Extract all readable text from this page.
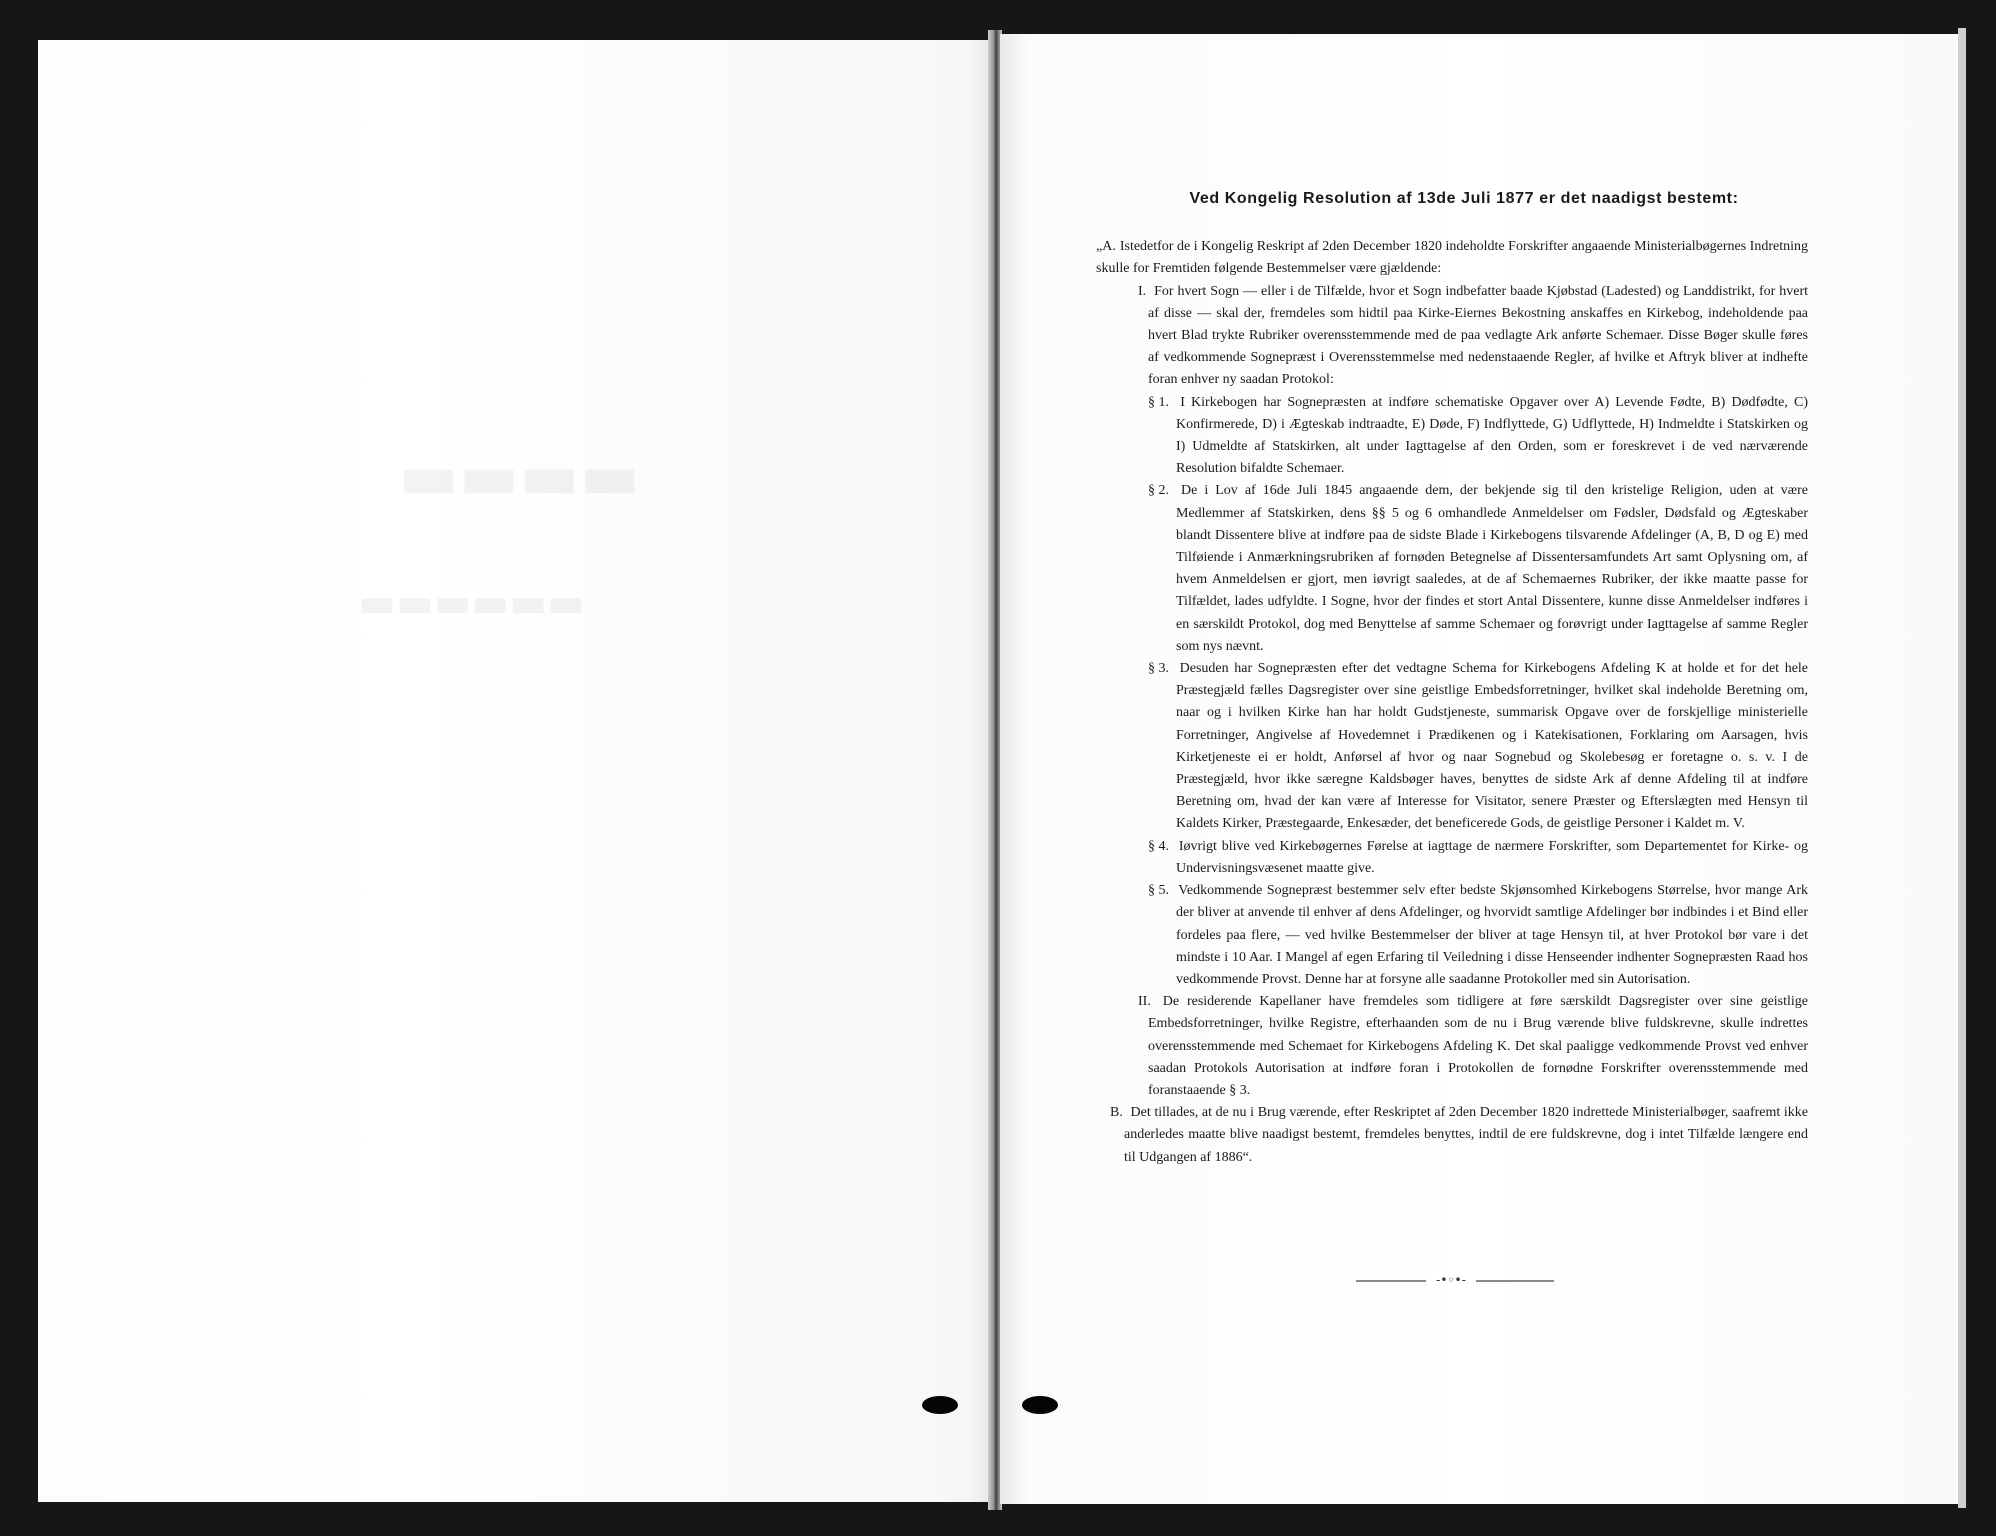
Ved Kongelig Resolution af 13de Juli 1877 er det naadigst bestemt:

„A. Istedetfor de i Kongelig Reskript af 2den December 1820 indeholdte Forskrifter angaaende Ministerialbøgernes Indretning skulle for Fremtiden følgende Bestemmelser være gjældende:

I. For hvert Sogn — eller i de Tilfælde, hvor et Sogn indbefatter baade Kjøbstad (Ladested) og Landdistrikt, for hvert af disse — skal der, fremdeles som hidtil paa Kirke-Eiernes Bekostning anskaffes en Kirkebog, indeholdende paa hvert Blad trykte Rubriker overensstemmende med de paa vedlagte Ark anførte Schemaer. Disse Bøger skulle føres af vedkommende Sognepræst i Overensstemmelse med nedenstaaende Regler, af hvilke et Aftryk bliver at indhefte foran enhver ny saadan Protokol:

§ 1. I Kirkebogen har Sognepræsten at indføre schematiske Opgaver over A) Levende Fødte, B) Dødfødte, C) Konfirmerede, D) i Ægteskab indtraadte, E) Døde, F) Indflyttede, G) Udflyttede, H) Indmeldte i Statskirken og I) Udmeldte af Statskirken, alt under Iagttagelse af den Orden, som er foreskrevet i de ved nærværende Resolution bifaldte Schemaer.

§ 2. De i Lov af 16de Juli 1845 angaaende dem, der bekjende sig til den kristelige Religion, uden at være Medlemmer af Statskirken, dens §§ 5 og 6 omhandlede Anmeldelser om Fødsler, Dødsfald og Ægteskaber blandt Dissentere blive at indføre paa de sidste Blade i Kirkebogens tilsvarende Afdelinger (A, B, D og E) med Tilføiende i Anmærkningsrubriken af fornøden Betegnelse af Dissentersamfundets Art samt Oplysning om, af hvem Anmeldelsen er gjort, men iøvrigt saaledes, at de af Schemaernes Rubriker, der ikke maatte passe for Tilfældet, lades udfyldte. I Sogne, hvor der findes et stort Antal Dissentere, kunne disse Anmeldelser indføres i en særskildt Protokol, dog med Benyttelse af samme Schemaer og forøvrigt under Iagttagelse af samme Regler som nys nævnt.

§ 3. Desuden har Sognepræsten efter det vedtagne Schema for Kirkebogens Afdeling K at holde et for det hele Præstegjæld fælles Dagsregister over sine geistlige Embedsforretninger, hvilket skal indeholde Beretning om, naar og i hvilken Kirke han har holdt Gudstjeneste, summarisk Opgave over de forskjellige ministerielle Forretninger, Angivelse af Hovedemnet i Prædikenen og i Katekisationen, Forklaring om Aarsagen, hvis Kirketjeneste ei er holdt, Anførsel af hvor og naar Sognebud og Skolebesøg er foretagne o. s. v. I de Præstegjæld, hvor ikke særegne Kaldsbøger haves, benyttes de sidste Ark af denne Afdeling til at indføre Beretning om, hvad der kan være af Interesse for Visitator, senere Præster og Efterslægten med Hensyn til Kaldets Kirker, Præstegaarde, Enkesæder, det beneficerede Gods, de geistlige Personer i Kaldet m. V.

§ 4. Iøvrigt blive ved Kirkebøgernes Førelse at iagttage de nærmere Forskrifter, som Departementet for Kirke- og Undervisningsvæsenet maatte give.

§ 5. Vedkommende Sognepræst bestemmer selv efter bedste Skjønsomhed Kirkebogens Størrelse, hvor mange Ark der bliver at anvende til enhver af dens Afdelinger, og hvorvidt samtlige Afdelinger bør indbindes i et Bind eller fordeles paa flere, — ved hvilke Bestemmelser der bliver at tage Hensyn til, at hver Protokol bør vare i det mindste i 10 Aar. I Mangel af egen Erfaring til Veiledning i disse Henseender indhenter Sognepræsten Raad hos vedkommende Provst. Denne har at forsyne alle saadanne Protokoller med sin Autorisation.

II. De residerende Kapellaner have fremdeles som tidligere at føre særskildt Dagsregister over sine geistlige Embedsforretninger, hvilke Registre, efterhaanden som de nu i Brug værende blive fuldskrevne, skulle indrettes overensstemmende med Schemaet for Kirkebogens Afdeling K. Det skal paaligge vedkommende Provst ved enhver saadan Protokols Autorisation at indføre foran i Protokollen de fornødne Forskrifter overensstemmende med foranstaaende § 3.

B. Det tillades, at de nu i Brug værende, efter Reskriptet af 2den December 1820 indrettede Ministerialbøger, saafremt ikke anderledes maatte blive naadigst bestemt, fremdeles benyttes, indtil de ere fuldskrevne, dog i intet Tilfælde længere end til Udgangen af 1886“.

-•◦•-
